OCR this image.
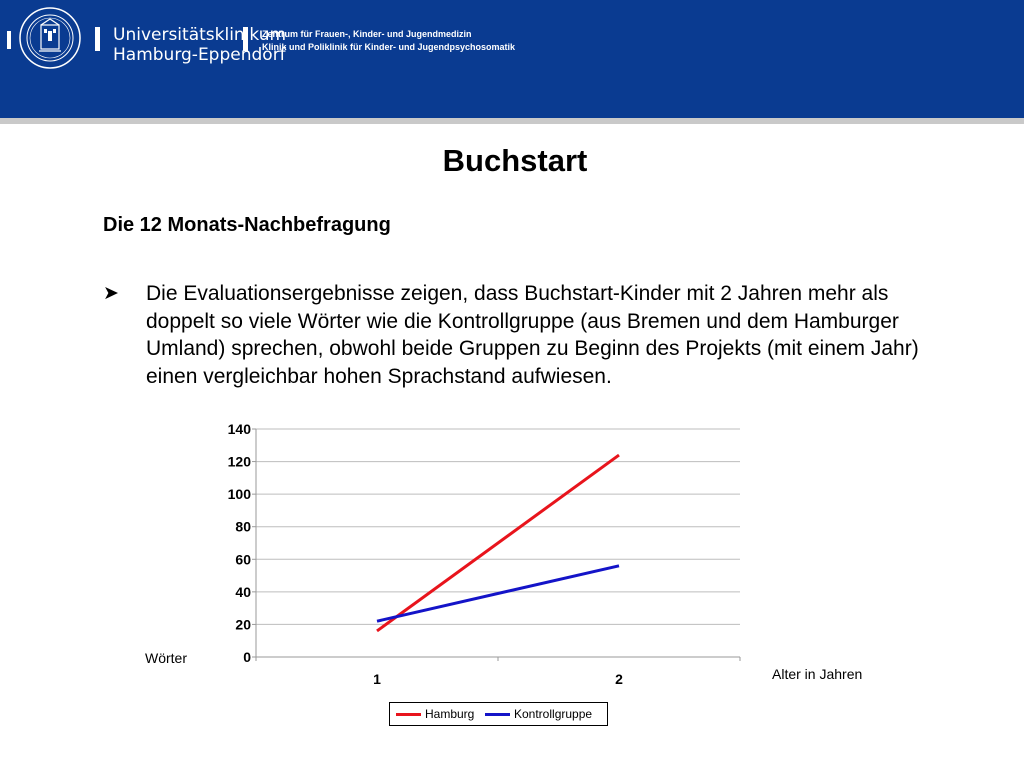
Universitätsklinikum
Hamburg-Eppendorf
Zentrum für Frauen-, Kinder- und Jugendmedizin
Klinik und Poliklinik für Kinder- und Jugendpsychosomatik
Buchstart
Die 12 Monats-Nachbefragung
➤ Die Evaluationsergebnisse zeigen, dass Buchstart-Kinder mit 2 Jahren mehr als doppelt so viele Wörter wie die Kontrollgruppe (aus Bremen und dem Hamburger Umland) sprechen, obwohl beide Gruppen zu Beginn des Projekts (mit einem Jahr) einen vergleichbar hohen Sprachstand aufwiesen.
0
20
40
60
80
100
120
140
1	2
Wörter
Alter in Jahren
Hamburg	Kontrollgruppe
